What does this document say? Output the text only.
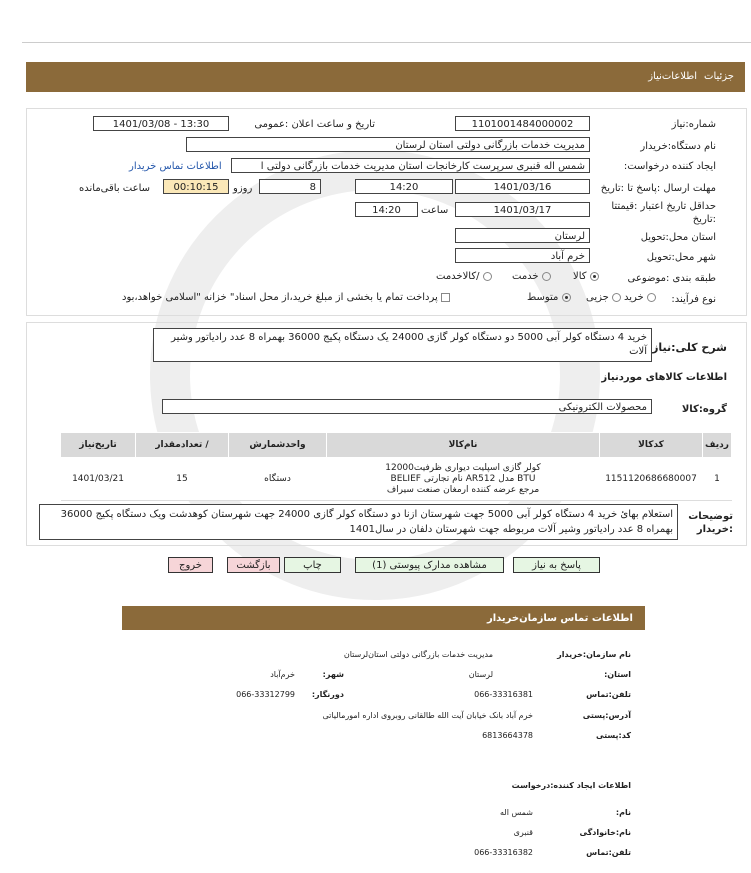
جزئیات
اطلاعات‌نیاز
شماره:نیاز
1101001484000002
تاریخ و ساعت اعلان :عمومی
1401/03/08 - 13:30
نام دستگاه:خریدار
مدیریت خدمات بازرگانی دولتی استان لرستان
ایجاد کننده درخواست:
شمس اله قنبری سرپرست کارخانجات استان مدیریت خدمات بازرگانی دولتی ا
اطلاعات تماس خریدار
مهلت ارسال :پاسخ تا :تاریخ
1401/03/16
14:20
8
روزو
00:10:15
ساعت باقی‌مانده
حداقل تاریخ اعتبار :قیمتتا :تاریخ
1401/03/17
ساعت
14:20
استان محل:تحویل
لرستان
شهر محل:تحویل
خرم آباد
طبقه بندی :موضوعی
کالا
خدمت
/کالاخدمت
نوع فرآیند:
خرید
جزیی
متوسط
پرداخت تمام یا بخشی از مبلغ خرید،از محل اسناد" خزانه "اسلامی خواهد،بود
شرح کلی:نیاز
خرید 4 دستگاه کولر آبی 5000 دو دستگاه کولر گازی 24000 یک دستگاه پکیج 36000 بهمراه 8 عدد رادیاتور وشیر آلات
اطلاعات کالاهای موردنیاز
گروه:کالا
محصولات الکترونیکی
ردیف	کدکالا	نام‌کالا	واحدشمارش	/ تعدادمقدار	تاریخ‌نیاز
1	1151120686680007	کولر گازی اسپلیت دیواری ظرفیت12000
BTU مدل AR512 نام تجارتی BELIEF
مرجع عرضه کننده ارمغان صنعت سیراف	دستگاه	15	1401/03/21
توضیحات :خریدار
استعلام بهائ خرید 4 دستگاه کولر آبی 5000 جهت شهرستان ازنا دو دستگاه کولر گازی 24000 جهت شهرستان کوهدشت ویک دستگاه پکیج 36000 بهمراه 8 عدد رادیاتور وشیر آلات مربوطه جهت شهرستان دلفان در سال1401
پاسخ به نیاز
مشاهده مدارک پیوستی (1)
چاپ
بازگشت
خروج
اطلاعات تماس سازمان‌خریدار
نام سازمان:خریدار
مدیریت خدمات بازرگانی دولتی استان‌لرستان
استان:
لرستان
شهر:
خرم‌آباد
تلفن:تماس
066-33316381
دورنگار:
066-33312799
آدرس:پستی
خرم آباد بانک خیابان آیت الله طالقانی روبروی اداره امورمالیاتی
کد:پستی
6813664378
اطلاعات ایجاد کننده:درخواست
نام:
شمس اله
نام:خانوادگی
قنبری
تلفن:تماس
066-33316382
